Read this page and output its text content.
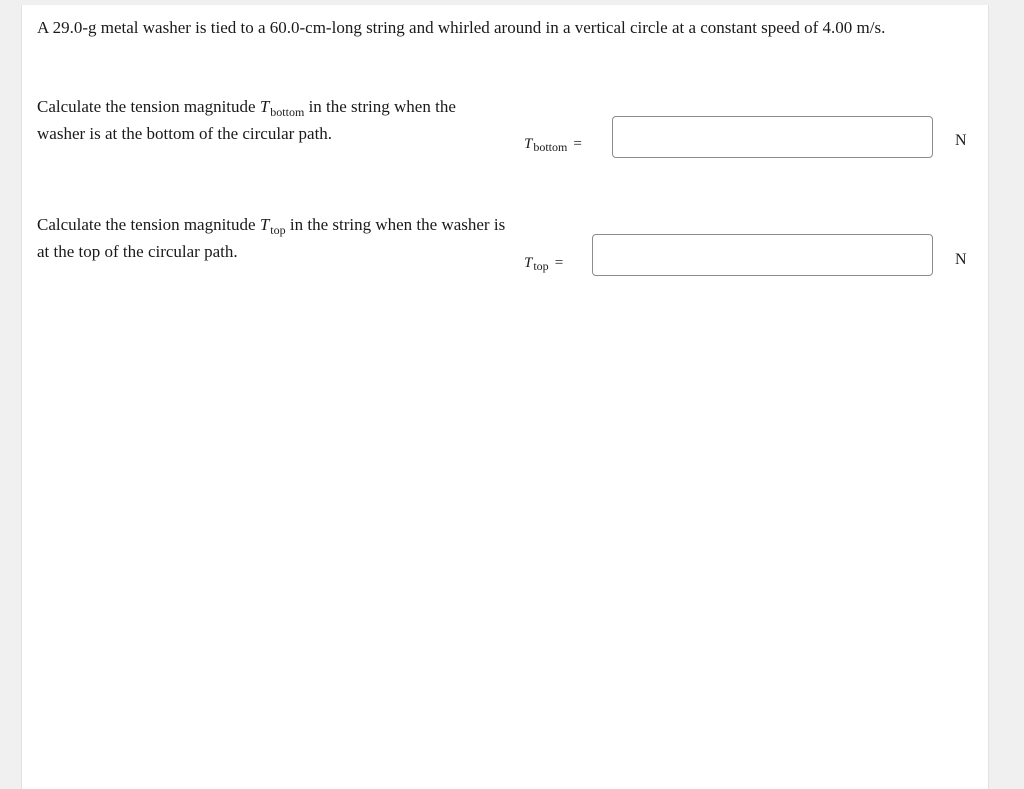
A 29.0-g metal washer is tied to a 60.0-cm-long string and whirled around in a vertical circle at a constant speed of 4.00 m/s.
Calculate the tension magnitude $T_{bottom}$ in the string when the washer is at the bottom of the circular path.
$T_{bottom}$ =	N
Calculate the tension magnitude $T_{top}$ in the string when the washer is at the top of the circular path.
$T_{top}$ =	N
